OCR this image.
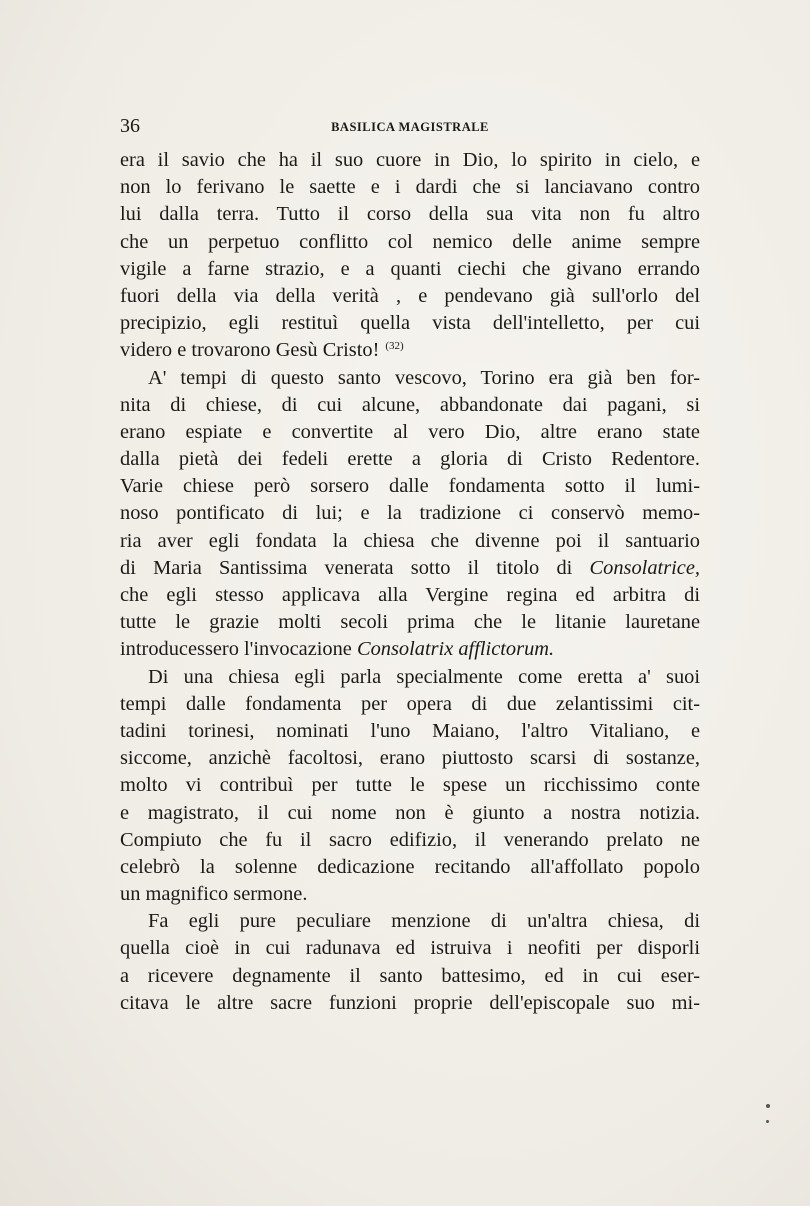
36	BASILICA MAGISTRALE
era il savio che ha il suo cuore in Dio, lo spirito in cielo, e
non lo ferivano le saette e i dardi che si lanciavano contro
lui dalla terra. Tutto il corso della sua vita non fu altro
che un perpetuo conflitto col nemico delle anime sempre
vigile a farne strazio, e a quanti ciechi che givano errando
fuori della via della verità , e pendevano già sull'orlo del
precipizio, egli restituì quella vista dell'intelletto, per cui
videro e trovarono Gesù Cristo! $^{(32)}$
A' tempi di questo santo vescovo, Torino era già ben for-
nita di chiese, di cui alcune, abbandonate dai pagani, si
erano espiate e convertite al vero Dio, altre erano state
dalla pietà dei fedeli erette a gloria di Cristo Redentore.
Varie chiese però sorsero dalle fondamenta sotto il lumi-
noso pontificato di lui; e la tradizione ci conservò memo-
ria aver egli fondata la chiesa che divenne poi il santuario
di Maria Santissima venerata sotto il titolo di Consolatrice,
che egli stesso applicava alla Vergine regina ed arbitra di
tutte le grazie molti secoli prima che le litanie lauretane
introducessero l'invocazione Consolatrix afflictorum.
Di una chiesa egli parla specialmente come eretta a' suoi
tempi dalle fondamenta per opera di due zelantissimi cit-
tadini torinesi, nominati l'uno Maiano, l'altro Vitaliano, e
siccome, anzichè facoltosi, erano piuttosto scarsi di sostanze,
molto vi contribuì per tutte le spese un ricchissimo conte
e magistrato, il cui nome non è giunto a nostra notizia.
Compiuto che fu il sacro edifizio, il venerando prelato ne
celebrò la solenne dedicazione recitando all'affollato popolo
un magnifico sermone.
Fa egli pure peculiare menzione di un'altra chiesa, di
quella cioè in cui radunava ed istruiva i neofiti per disporli
a ricevere degnamente il santo battesimo, ed in cui eser-
citava le altre sacre funzioni proprie dell'episcopale suo mi-
